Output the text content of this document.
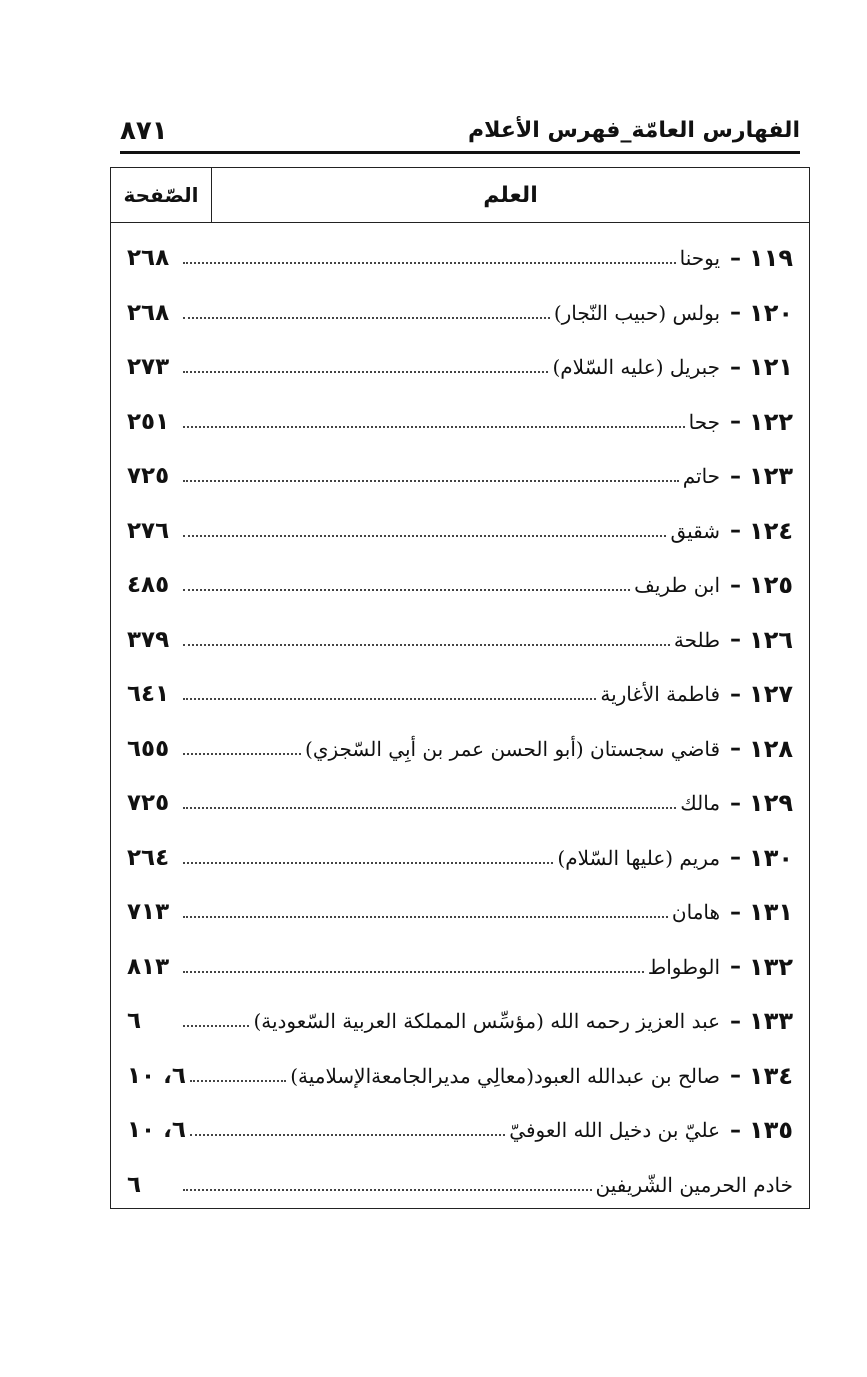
الفهارس العامّة_فهرس الأعلام
٨٧١
العلم
الصّفحة
١١٩
–
يوحنا
٢٦٨
١٢٠
–
بولس (حبيب النّجار)
٢٦٨
١٢١
–
جبريل (عليه السّلام)
٢٧٣
١٢٢
–
جحا
٢٥١
١٢٣
–
حاتم
٧٢٥
١٢٤
–
شقيق
٢٧٦
١٢٥
–
ابن طريف
٤٨٥
١٢٦
–
طلحة
٣٧٩
١٢٧
–
فاطمة الأغارية
٦٤١
١٢٨
–
قاضي سجستان (أبو الحسن عمر بن أبِي السّجزي)
٦٥٥
١٢٩
–
مالك
٧٢٥
١٣٠
–
مريم (عليها السّلام)
٢٦٤
١٣١
–
هامان
٧١٣
١٣٢
–
الوطواط
٨١٣
١٣٣
–
عبد العزيز رحمه الله (مؤسِّس المملكة العربية السّعودية)
٦
١٣٤
–
صالح بن عبدالله العبود(معالِي مديرالجامعةالإسلامية)
٦، ١٠
١٣٥
–
عليّ بن دخيل الله العوفيّ
٦، ١٠
خادم الحرمين الشّريفين
٦
